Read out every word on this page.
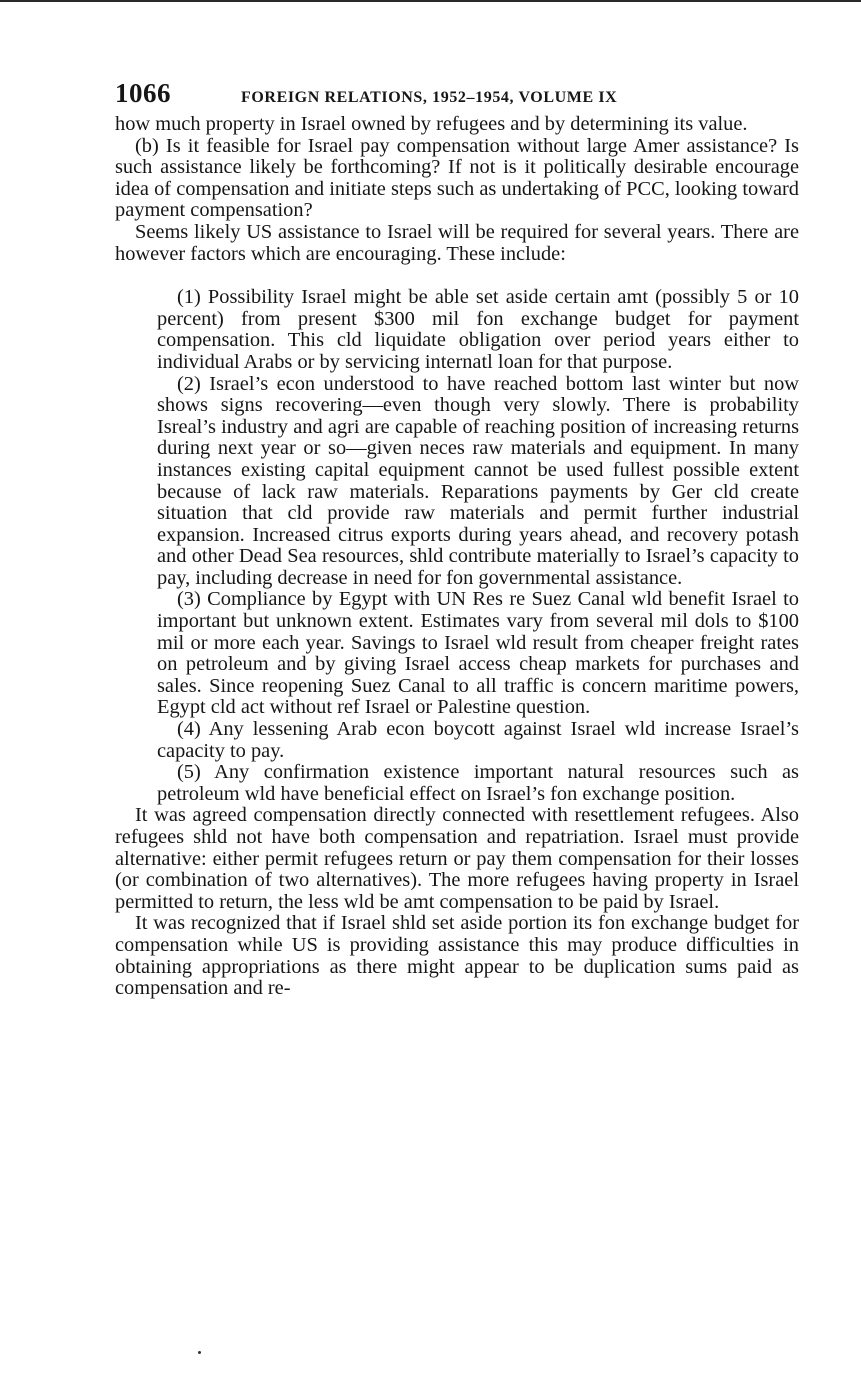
1066	FOREIGN RELATIONS, 1952–1954, VOLUME IX

how much property in Israel owned by refugees and by determining its value.

(b) Is it feasible for Israel pay compensation without large Amer assistance? Is such assistance likely be forthcoming? If not is it politically desirable encourage idea of compensation and initiate steps such as undertaking of PCC, looking toward payment compensation?

Seems likely US assistance to Israel will be required for several years. There are however factors which are encouraging. These include:

(1) Possibility Israel might be able set aside certain amt (possibly 5 or 10 percent) from present $300 mil fon exchange budget for payment compensation. This cld liquidate obligation over period years either to individual Arabs or by servicing internatl loan for that purpose.

(2) Israel’s econ understood to have reached bottom last winter but now shows signs recovering—even though very slowly. There is probability Isreal’s industry and agri are capable of reaching position of increasing returns during next year or so—given neces raw materials and equipment. In many instances existing capital equipment cannot be used fullest possible extent because of lack raw materials. Reparations payments by Ger cld create situation that cld provide raw materials and permit further industrial expansion. Increased citrus exports during years ahead, and recovery potash and other Dead Sea resources, shld contribute materially to Israel’s capacity to pay, including decrease in need for fon governmental assistance.

(3) Compliance by Egypt with UN Res re Suez Canal wld benefit Israel to important but unknown extent. Estimates vary from several mil dols to $100 mil or more each year. Savings to Israel wld result from cheaper freight rates on petroleum and by giving Israel access cheap markets for purchases and sales. Since reopening Suez Canal to all traffic is concern maritime powers, Egypt cld act without ref Israel or Palestine question.

(4) Any lessening Arab econ boycott against Israel wld increase Israel’s capacity to pay.

(5) Any confirmation existence important natural resources such as petroleum wld have beneficial effect on Israel’s fon exchange position.

It was agreed compensation directly connected with resettlement refugees. Also refugees shld not have both compensation and repatriation. Israel must provide alternative: either permit refugees return or pay them compensation for their losses (or combination of two alternatives). The more refugees having property in Israel permitted to return, the less wld be amt compensation to be paid by Israel.

It was recognized that if Israel shld set aside portion its fon exchange budget for compensation while US is providing assistance this may produce difficulties in obtaining appropriations as there might appear to be duplication sums paid as compensation and re-
